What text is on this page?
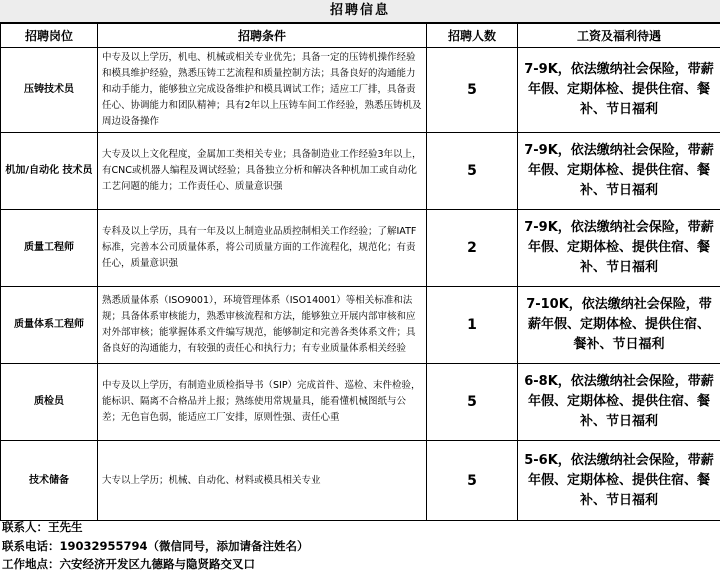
招聘信息
招聘岗位	招聘条件	招聘人数	工资及福利待遇
压铸技术员	中专及以上学历，机电、机械或相关专业优先；具备一定的压铸机操作经验和模具维护经验，熟悉压铸工艺流程和质量控制方法；具备良好的沟通能力和动手能力，能够独立完成设备维护和模具调试工作；适应工厂排，具备责任心、协调能力和团队精神；具有2年以上压铸车间工作经验，熟悉压铸机及周边设备操作	5	7-9K，依法缴纳社会保险，带薪年假、定期体检、提供住宿、餐补、节日福利
机加/自动化 技术员	大专及以上文化程度，金属加工类相关专业；具备制造业工作经验3年以上，有CNC或机器人编程及调试经验；具备独立分析和解决各种机加工或自动化工艺问题的能力；工作责任心、质量意识强	5	7-9K，依法缴纳社会保险，带薪年假、定期体检、提供住宿、餐补、节日福利
质量工程师	专科及以上学历，具有一年及以上制造业品质控制相关工作经验；了解IATF标准，完善本公司质量体系，将公司质量方面的工作流程化，规范化；有责任心，质量意识强	2	7-9K，依法缴纳社会保险，带薪年假、定期体检、提供住宿、餐补、节日福利
质量体系工程师	熟悉质量体系（ISO9001），环境管理体系（ISO14001）等相关标准和法规；具备体系审核能力，熟悉审核流程和方法，能够独立开展内部审核和应对外部审核；能掌握体系文件编写规范，能够制定和完善各类体系文件；具备良好的沟通能力，有较强的责任心和执行力；有专业质量体系相关经验	1	7-10K，依法缴纳社会保险，带薪年假、定期体检、提供住宿、餐补、节日福利
质检员	中专及以上学历，有制造业质检指导书（SIP）完成首件、巡检、末件检验，能标识、隔离不合格品并上报；熟练使用常规量具，能看懂机械图纸与公差；无色盲色弱，能适应工厂安排，原则性强、责任心重	5	6-8K，依法缴纳社会保险，带薪年假、定期体检、提供住宿、餐补、节日福利
技术储备	大专以上学历；机械、自动化、材料或模具相关专业	5	5-6K，依法缴纳社会保险，带薪年假、定期体检、提供住宿、餐补、节日福利
联系人：王先生
联系电话：19032955794（微信同号，添加请备注姓名）
工作地点：六安经济开发区九德路与隐贤路交叉口
